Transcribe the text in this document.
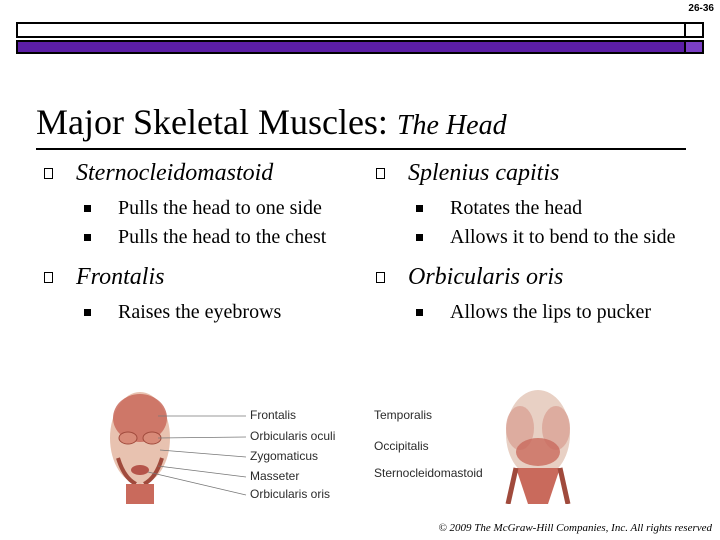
26-36
Major Skeletal Muscles: The Head
Sternocleidomastoid
Pulls the head to one side
Pulls the head to the chest
Frontalis
Raises the eyebrows
Splenius capitis
Rotates the head
Allows it to bend to the side
Orbicularis oris
Allows the lips to pucker
Frontalis
Orbicularis oculi
Zygomaticus
Masseter
Orbicularis oris
Temporalis
Occipitalis
Sternocleidomastoid
© 2009 The McGraw-Hill Companies, Inc. All rights reserved
